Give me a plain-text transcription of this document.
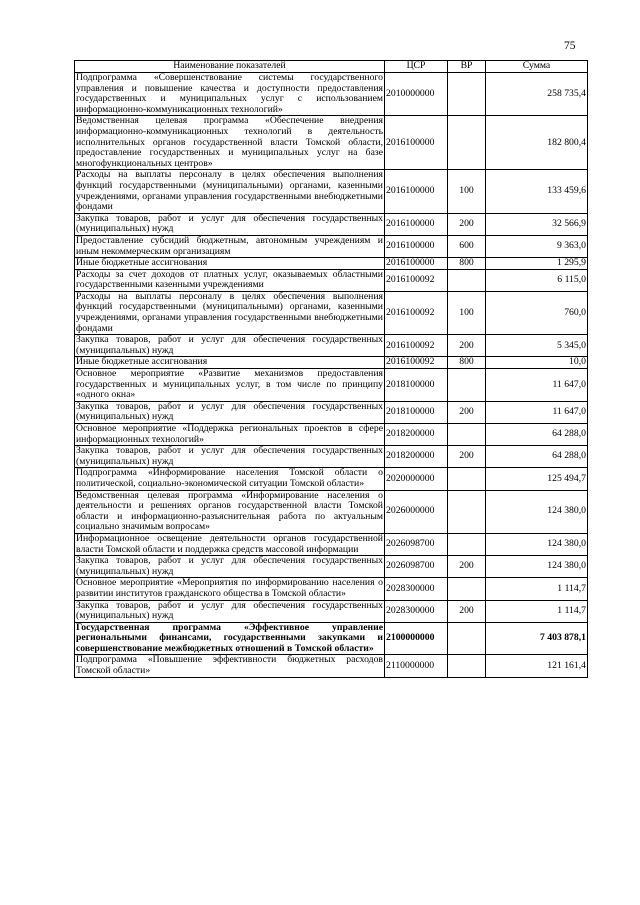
75
Наименование показателей	ЦСР	ВР	Сумма
Подпрограмма «Совершенствование системы государственного управления и повышение качества и доступности предоставления государственных и муниципальных услуг с использованием информационно-коммуникационных технологий»	2010000000		258 735,4
Ведомственная целевая программа «Обеспечение внедрения информационно-коммуникационных технологий в деятельность исполнительных органов государственной власти Томской области, предоставление государственных и муниципальных услуг на базе многофункциональных центров»	2016100000		182 800,4
Расходы на выплаты персоналу в целях обеспечения выполнения функций государственными (муниципальными) органами, казенными учреждениями, органами управления государственными внебюджетными фондами	2016100000	100	133 459,6
Закупка товаров, работ и услуг для обеспечения государственных (муниципальных) нужд	2016100000	200	32 566,9
Предоставление субсидий бюджетным, автономным учреждениям и иным некоммерческим организациям	2016100000	600	9 363,0
Иные бюджетные ассигнования	2016100000	800	1 295,9
Расходы за счет доходов от платных услуг, оказываемых областными государственными казенными учреждениями	2016100092		6 115,0
Расходы на выплаты персоналу в целях обеспечения выполнения функций государственными (муниципальными) органами, казенными учреждениями, органами управления государственными внебюджетными фондами	2016100092	100	760,0
Закупка товаров, работ и услуг для обеспечения государственных (муниципальных) нужд	2016100092	200	5 345,0
Иные бюджетные ассигнования	2016100092	800	10,0
Основное мероприятие «Развитие механизмов предоставления государственных и муниципальных услуг, в том числе по принципу «одного окна»	2018100000		11 647,0
Закупка товаров, работ и услуг для обеспечения государственных (муниципальных) нужд	2018100000	200	11 647,0
Основное мероприятие «Поддержка региональных проектов в сфере информационных технологий»	2018200000		64 288,0
Закупка товаров, работ и услуг для обеспечения государственных (муниципальных) нужд	2018200000	200	64 288,0
Подпрограмма «Информирование населения Томской области о политической, социально-экономической ситуации Томской области»	2020000000		125 494,7
Ведомственная целевая программа «Информирование населения о деятельности и решениях органов государственной власти Томской области и информационно-разъяснительная работа по актуальным социально значимым вопросам»	2026000000		124 380,0
Информационное освещение деятельности органов государственной власти Томской области и поддержка средств массовой информации	2026098700		124 380,0
Закупка товаров, работ и услуг для обеспечения государственных (муниципальных) нужд	2026098700	200	124 380,0
Основное мероприятие «Мероприятия по информированию населения о развитии институтов гражданского общества в Томской области»	2028300000		1 114,7
Закупка товаров, работ и услуг для обеспечения государственных (муниципальных) нужд	2028300000	200	1 114,7
Государственная программа «Эффективное управление региональными финансами, государственными закупками и совершенствование межбюджетных отношений в Томской области»	2100000000		7 403 878,1
Подпрограмма «Повышение эффективности бюджетных расходов Томской области»	2110000000		121 161,4
